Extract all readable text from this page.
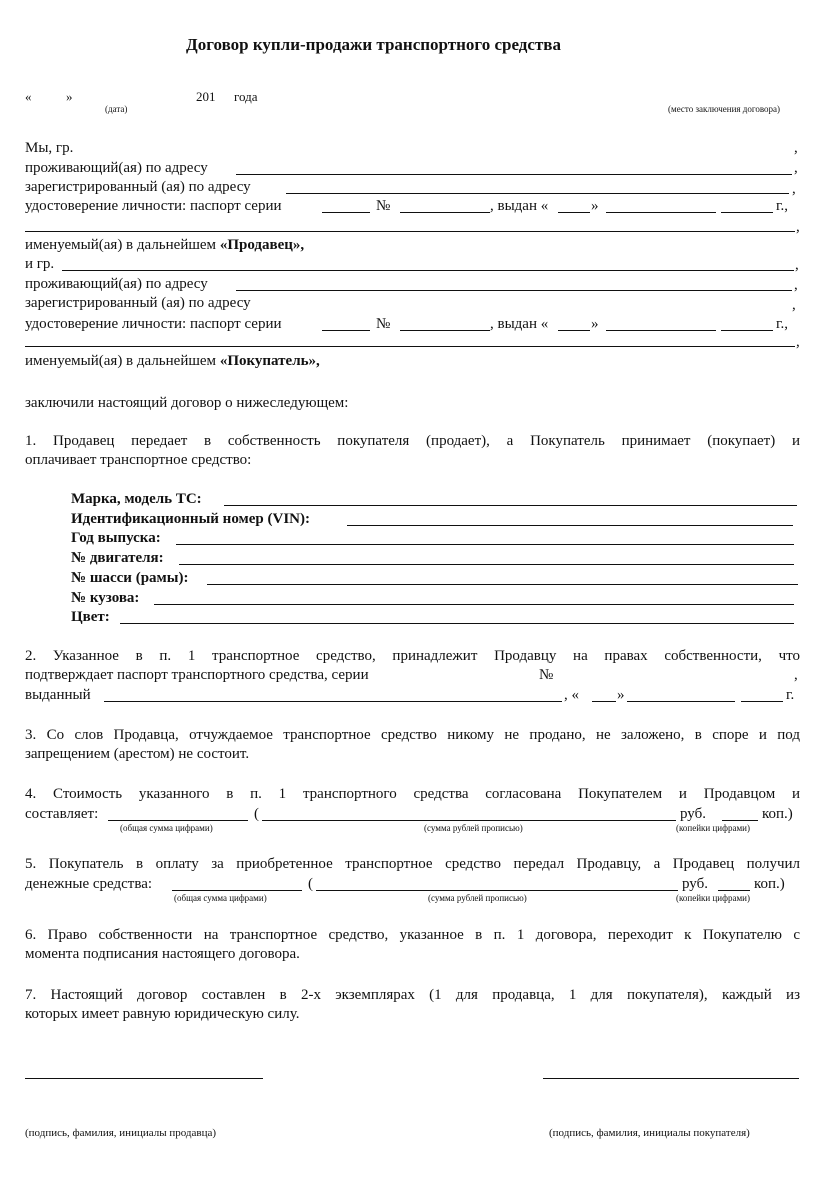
Договор купли-продажи транспортного средства
«	»	201 года
(дата)	(место заключения договора)
Мы, гр.	,
проживающий(ая) по адресу	,
зарегистрированный (ая) по адресу	,
удостоверение личности: паспорт серии	№	, выдан «	»	г.,
,
именуемый(ая) в дальнейшем «Продавец»,
и гр.	,
проживающий(ая) по адресу	,
зарегистрированный (ая) по адресу	,
удостоверение личности: паспорт серии	№	, выдан «	»	г.,
,
именуемый(ая) в дальнейшем «Покупатель»,
заключили настоящий договор о нижеследующем:
1. Продавец передает в собственность покупателя (продает), а Покупатель принимает (покупает) и
оплачивает транспортное средство:
Марка, модель ТС:
Идентификационный номер (VIN):
Год выпуска:
№ двигателя:
№ шасси (рамы):
№ кузова:
Цвет:
2. Указанное в п. 1 транспортное средство, принадлежит Продавцу на правах собственности, что
подтверждает паспорт транспортного средства, серии	№	,
выданный	, «	»	г.
3. Со слов Продавца, отчуждаемое транспортное средство никому не продано, не заложено, в споре и под
запрещением (арестом) не состоит.
4. Стоимость указанного в п. 1 транспортного средства согласована Покупателем и Продавцом и
составляет:	(	руб.	коп.)
(общая сумма цифрами)	(сумма рублей прописью)	(копейки цифрами)
5. Покупатель в оплату за приобретенное транспортное средство передал Продавцу, а Продавец получил
денежные средства:	(	руб.	коп.)
(общая сумма цифрами)	(сумма рублей прописью)	(копейки цифрами)
6. Право собственности на транспортное средство, указанное в п. 1 договора, переходит к Покупателю с
момента подписания настоящего договора.
7. Настоящий договор составлен в 2-х экземплярах (1 для продавца, 1 для покупателя), каждый из
которых имеет равную юридическую силу.
(подпись, фамилия, инициалы продавца)	(подпись, фамилия, инициалы покупателя)
